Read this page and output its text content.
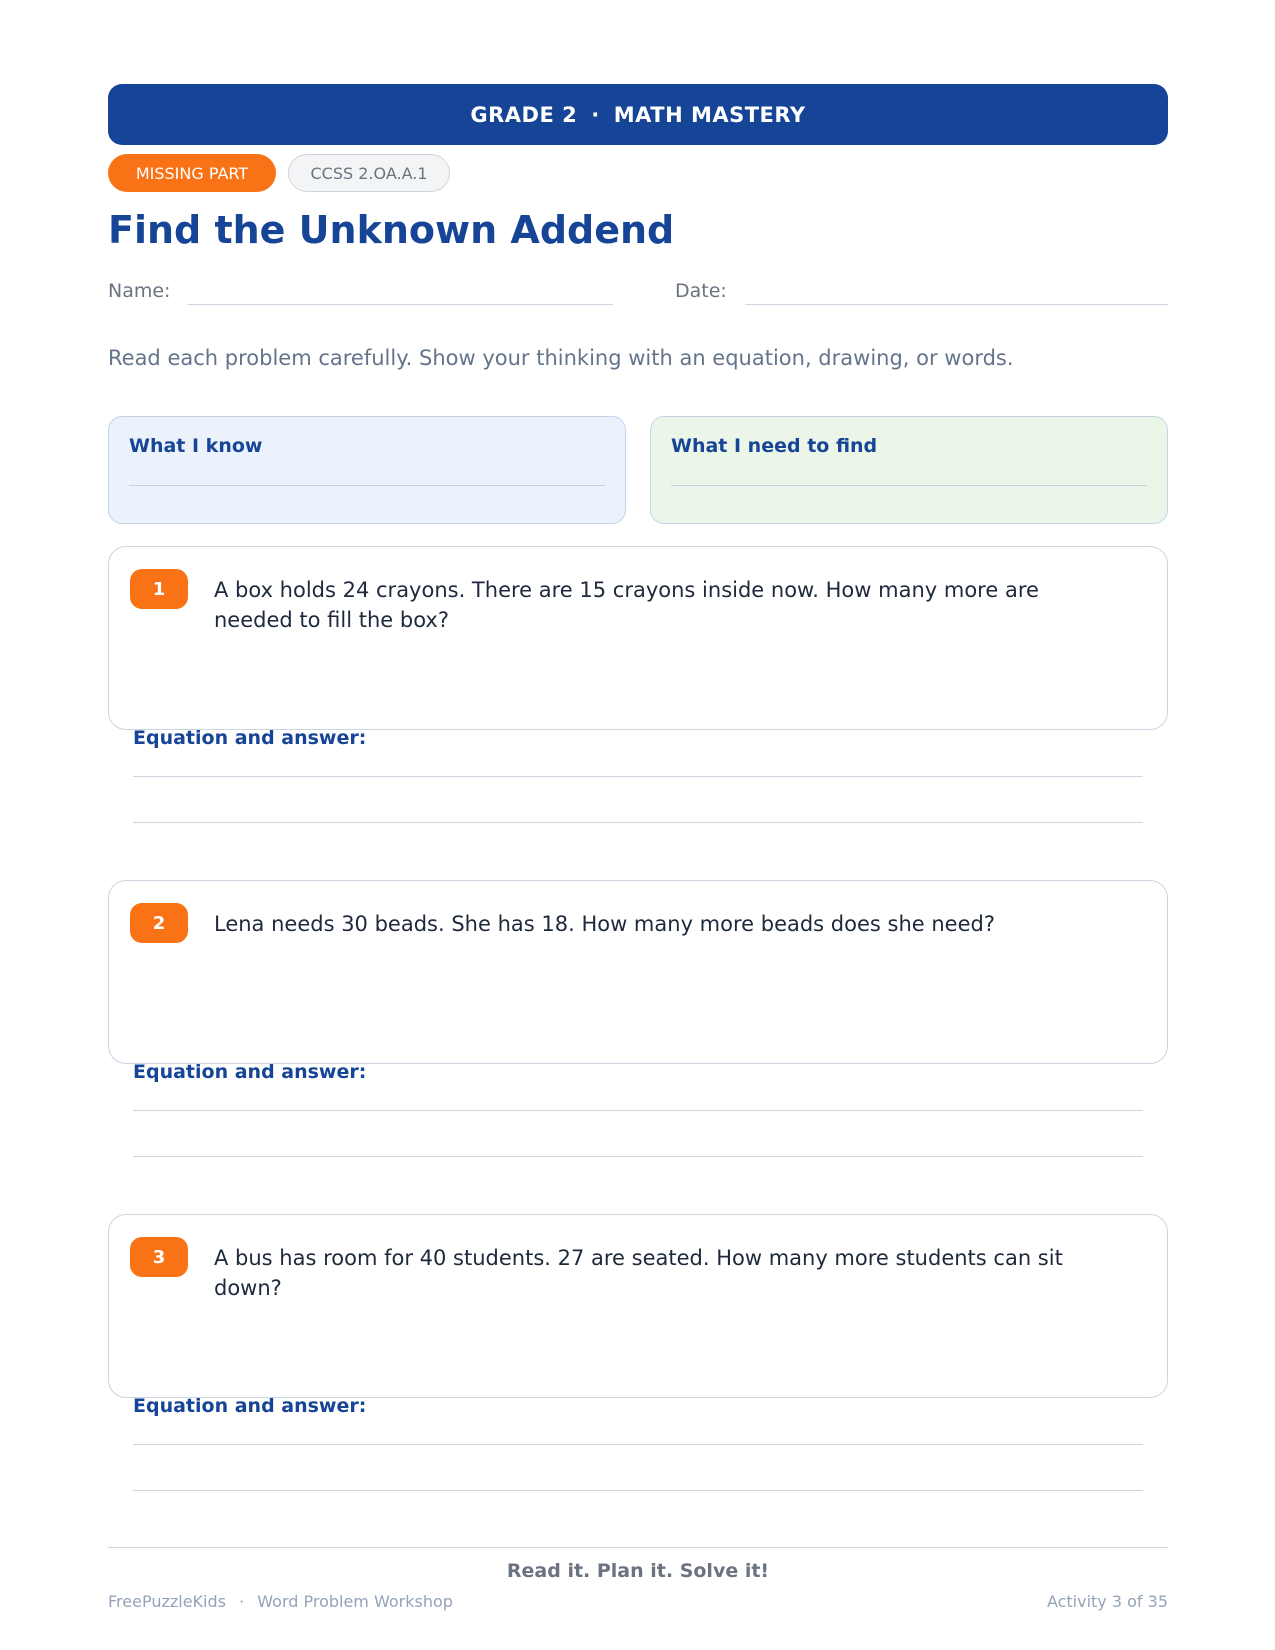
GRADE 2 · MATH MASTERY
MISSING PART	CCSS 2.OA.A.1
Find the Unknown Addend
Name:	Date:
Read each problem carefully. Show your thinking with an equation, drawing, or words.
What I know	What I need to find
1	A box holds 24 crayons. There are 15 crayons inside now. How many more are needed to fill the box?
Equation and answer:
2	Lena needs 30 beads. She has 18. How many more beads does she need?
Equation and answer:
3	A bus has room for 40 students. 27 are seated. How many more students can sit down?
Equation and answer:
Read it. Plan it. Solve it!
FreePuzzleKids · Word Problem Workshop	Activity 3 of 35
